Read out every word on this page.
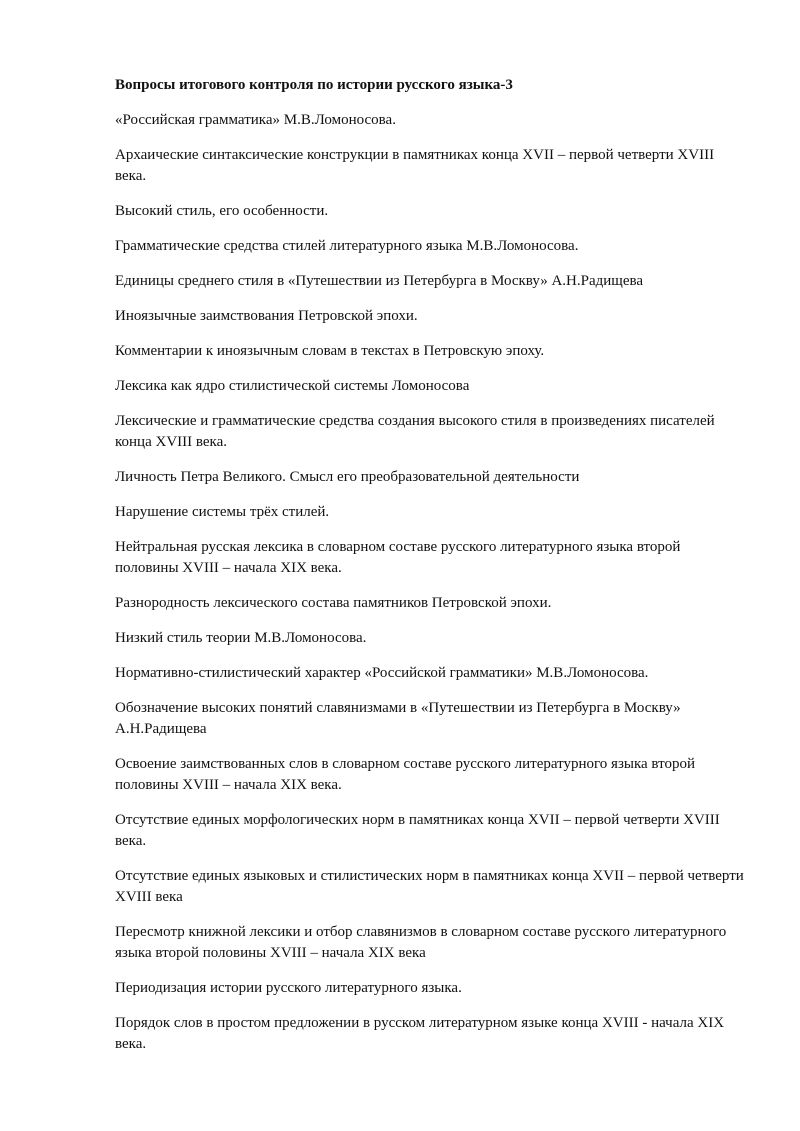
Вопросы итогового контроля по истории русского языка-3
«Российская грамматика» М.В.Ломоносова.
Архаические синтаксические конструкции в памятниках конца XVII – первой четверти XVIII века.
Высокий стиль, его особенности.
Грамматические средства стилей литературного языка М.В.Ломоносова.
Единицы среднего стиля в «Путешествии из Петербурга в Москву» А.Н.Радищева
Иноязычные заимствования Петровской эпохи.
Комментарии к иноязычным словам в текстах в Петровскую эпоху.
Лексика как ядро стилистической системы Ломоносова
Лексические и грамматические средства создания высокого стиля в произведениях писателей конца XVIII века.
Личность Петра Великого. Смысл его преобразовательной деятельности
Нарушение системы трёх стилей.
Нейтральная русская лексика в словарном составе русского литературного языка второй половины XVIII – начала XIX века.
Разнородность лексического состава памятников Петровской эпохи.
Низкий стиль теории М.В.Ломоносова.
Нормативно-стилистический характер «Российской грамматики» М.В.Ломоносова.
Обозначение высоких понятий славянизмами в «Путешествии из Петербурга в Москву» А.Н.Радищева
Освоение заимствованных слов в словарном составе русского литературного языка второй половины XVIII – начала XIX века.
Отсутствие единых морфологических норм в памятниках конца XVII – первой четверти XVIII века.
Отсутствие единых языковых и стилистических норм в памятниках конца XVII – первой четверти XVIII века
Пересмотр книжной лексики и отбор славянизмов в словарном составе русского литературного языка второй половины XVIII – начала XIX века
Периодизация истории русского литературного языка.
Порядок слов в простом предложении в русском литературном языке конца XVIII - начала XIX века.
